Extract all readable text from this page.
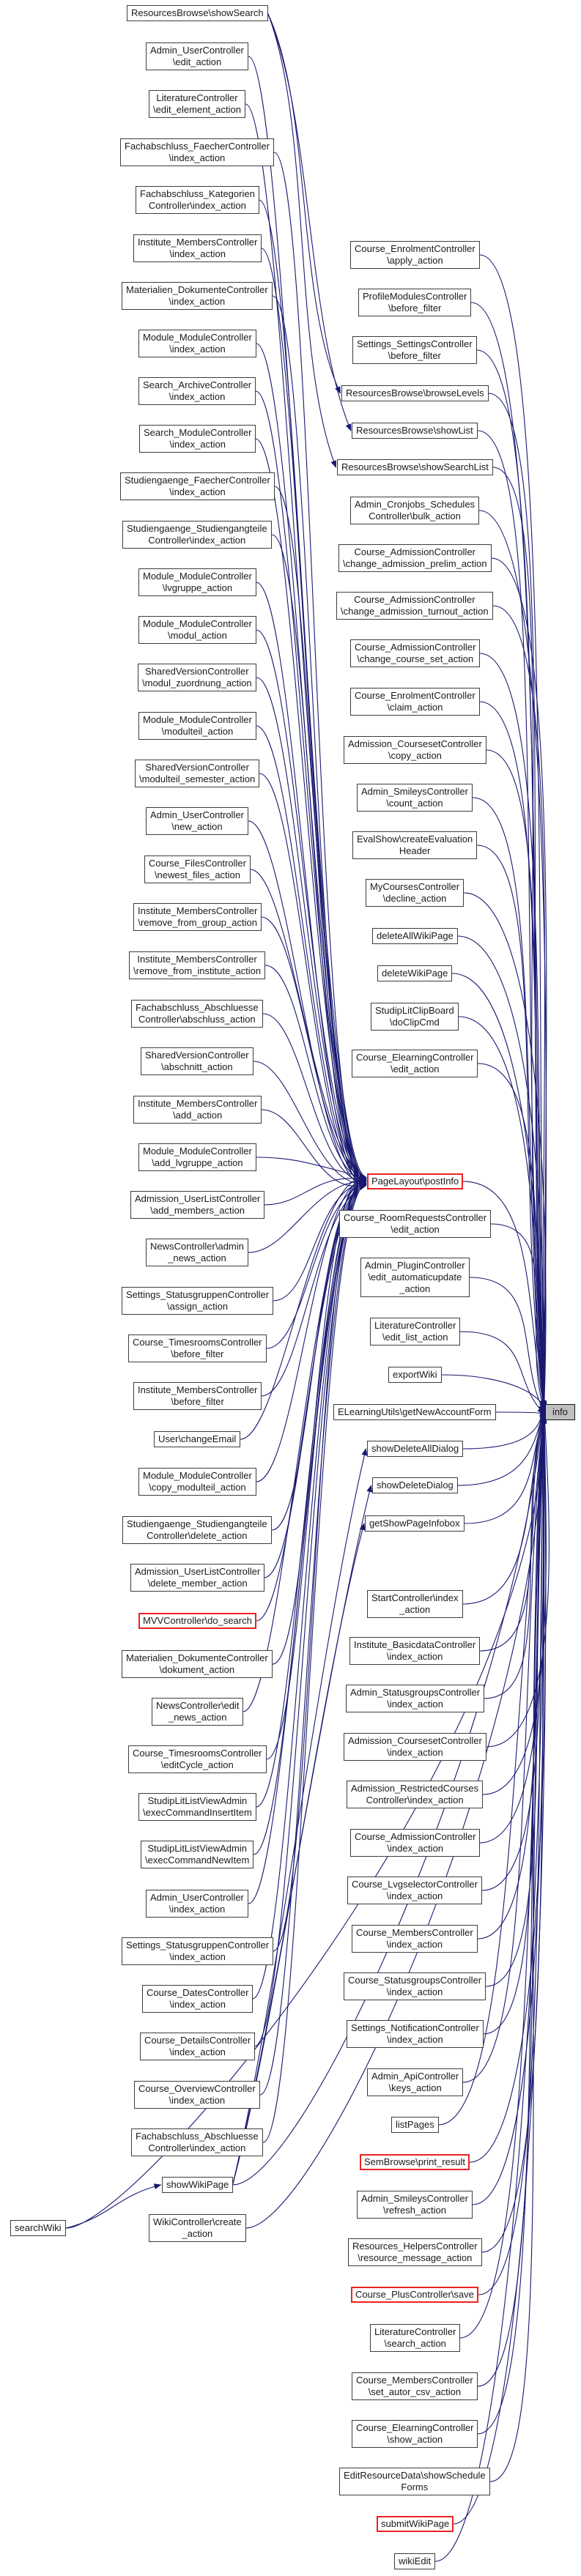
ResourcesBrowse\showSearch
Admin_UserController
\edit_action
LiteratureController
\edit_element_action
Fachabschluss_FaecherController
\index_action
Fachabschluss_Kategorien
Controller\index_action
Institute_MembersController
\index_action
Materialien_DokumenteController
\index_action
Module_ModuleController
\index_action
Search_ArchiveController
\index_action
Search_ModuleController
\index_action
Studiengaenge_FaecherController
\index_action
Studiengaenge_Studiengangteile
Controller\index_action
Module_ModuleController
\lvgruppe_action
Module_ModuleController
\modul_action
SharedVersionController
\modul_zuordnung_action
Module_ModuleController
\modulteil_action
SharedVersionController
\modulteil_semester_action
Admin_UserController
\new_action
Course_FilesController
\newest_files_action
Institute_MembersController
\remove_from_group_action
Institute_MembersController
\remove_from_institute_action
Fachabschluss_Abschluesse
Controller\abschluss_action
SharedVersionController
\abschnitt_action
Institute_MembersController
\add_action
Module_ModuleController
\add_lvgruppe_action
Admission_UserListController
\add_members_action
NewsController\admin
_news_action
Settings_StatusgruppenController
\assign_action
Course_TimesroomsController
\before_filter
Institute_MembersController
\before_filter
User\changeEmail
Module_ModuleController
\copy_modulteil_action
Studiengaenge_Studiengangteile
Controller\delete_action
Admission_UserListController
\delete_member_action
MVVController\do_search
Materialien_DokumenteController
\dokument_action
NewsController\edit
_news_action
Course_TimesroomsController
\editCycle_action
StudipLitListViewAdmin
\execCommandInsertItem
StudipLitListViewAdmin
\execCommandNewItem
Admin_UserController
\index_action
Settings_StatusgruppenController
\index_action
Course_DatesController
\index_action
Course_DetailsController
\index_action
Course_OverviewController
\index_action
Fachabschluss_Abschluesse
Controller\index_action
showWikiPage
WikiController\create
_action
searchWiki
Course_EnrolmentController
\apply_action
ProfileModulesController
\before_filter
Settings_SettingsController
\before_filter
ResourcesBrowse\browseLevels
ResourcesBrowse\showList
ResourcesBrowse\showSearchList
Admin_Cronjobs_Schedules
Controller\bulk_action
Course_AdmissionController
\change_admission_prelim_action
Course_AdmissionController
\change_admission_turnout_action
Course_AdmissionController
\change_course_set_action
Course_EnrolmentController
\claim_action
Admission_CoursesetController
\copy_action
Admin_SmileysController
\count_action
EvalShow\createEvaluation
Header
MyCoursesController
\decline_action
deleteAllWikiPage
deleteWikiPage
StudipLitClipBoard
\doClipCmd
Course_ElearningController
\edit_action
PageLayout\postInfo
Course_RoomRequestsController
\edit_action
Admin_PluginController
\edit_automaticupdate
_action
LiteratureController
\edit_list_action
exportWiki
ELearningUtils\getNewAccountForm
showDeleteAllDialog
showDeleteDialog
getShowPageInfobox
StartController\index
_action
Institute_BasicdataController
\index_action
Admin_StatusgroupsController
\index_action
Admission_CoursesetController
\index_action
Admission_RestrictedCourses
Controller\index_action
Course_AdmissionController
\index_action
Course_LvgselectorController
\index_action
Course_MembersController
\index_action
Course_StatusgroupsController
\index_action
Settings_NotificationController
\index_action
Admin_ApiController
\keys_action
listPages
SemBrowse\print_result
Admin_SmileysController
\refresh_action
Resources_HelpersController
\resource_message_action
Course_PlusController\save
LiteratureController
\search_action
Course_MembersController
\set_autor_csv_action
Course_ElearningController
\show_action
EditResourceData\showSchedule
Forms
submitWikiPage
wikiEdit
info
